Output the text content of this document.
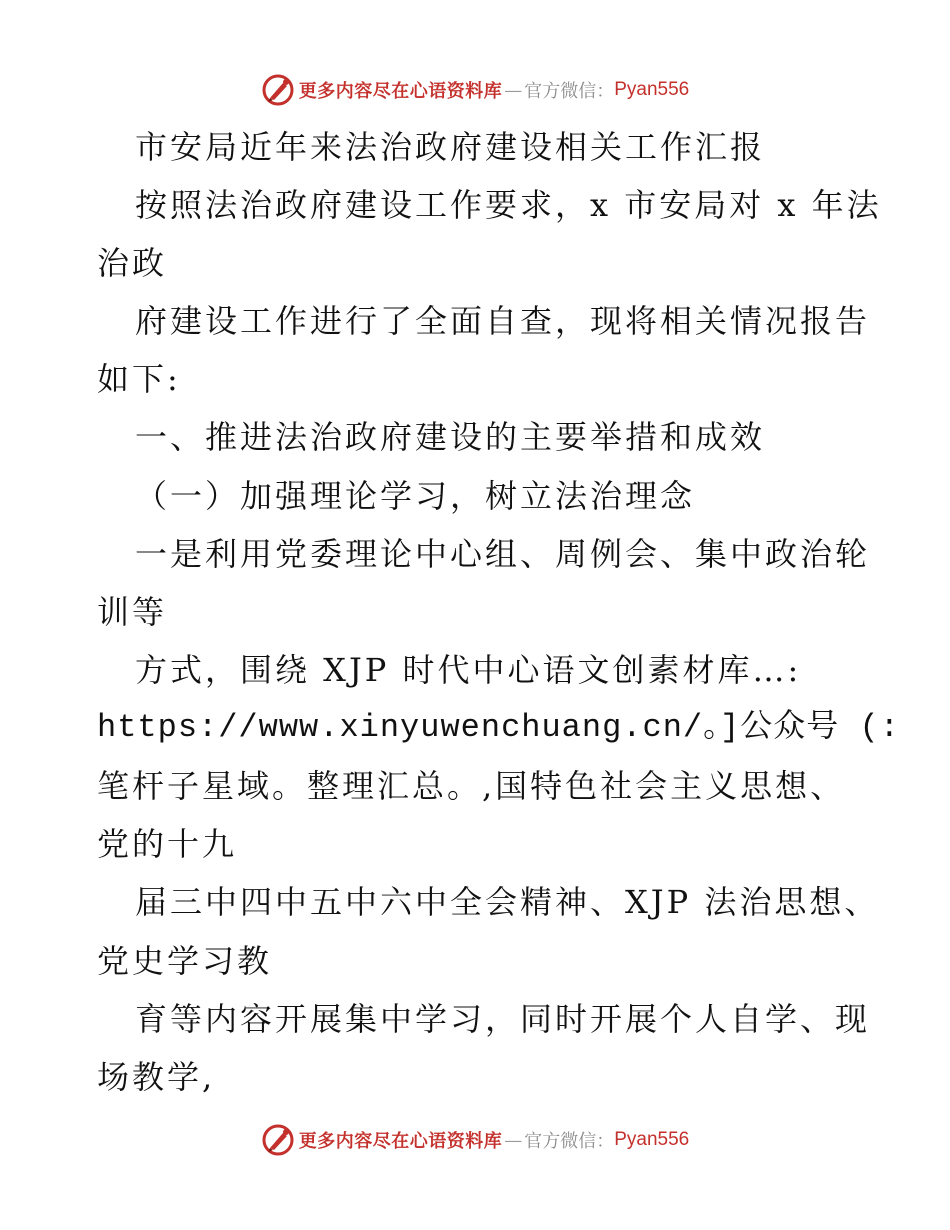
更多内容尽在心语资料库 — 官方微信： Pyan556
市安局近年来法治政府建设相关工作汇报
按照法治政府建设工作要求，x 市安局对 x 年法
治政
府建设工作进行了全面自查，现将相关情况报告
如下:
一、推进法治政府建设的主要举措和成效
（一）加强理论学习，树立法治理念
一是利用党委理论中心组、周例会、集中政治轮
训等
方式，围绕 XJP 时代中心语文创素材库…:
https://www.xinyuwenchuang.cn/。]公众号 (:
笔杆子星域。整理汇总。,国特色社会主义思想、
党的十九
届三中四中五中六中全会精神、XJP 法治思想、
党史学习教
育等内容开展集中学习，同时开展个人自学、现
场教学,
更多内容尽在心语资料库 — 官方微信： Pyan556
